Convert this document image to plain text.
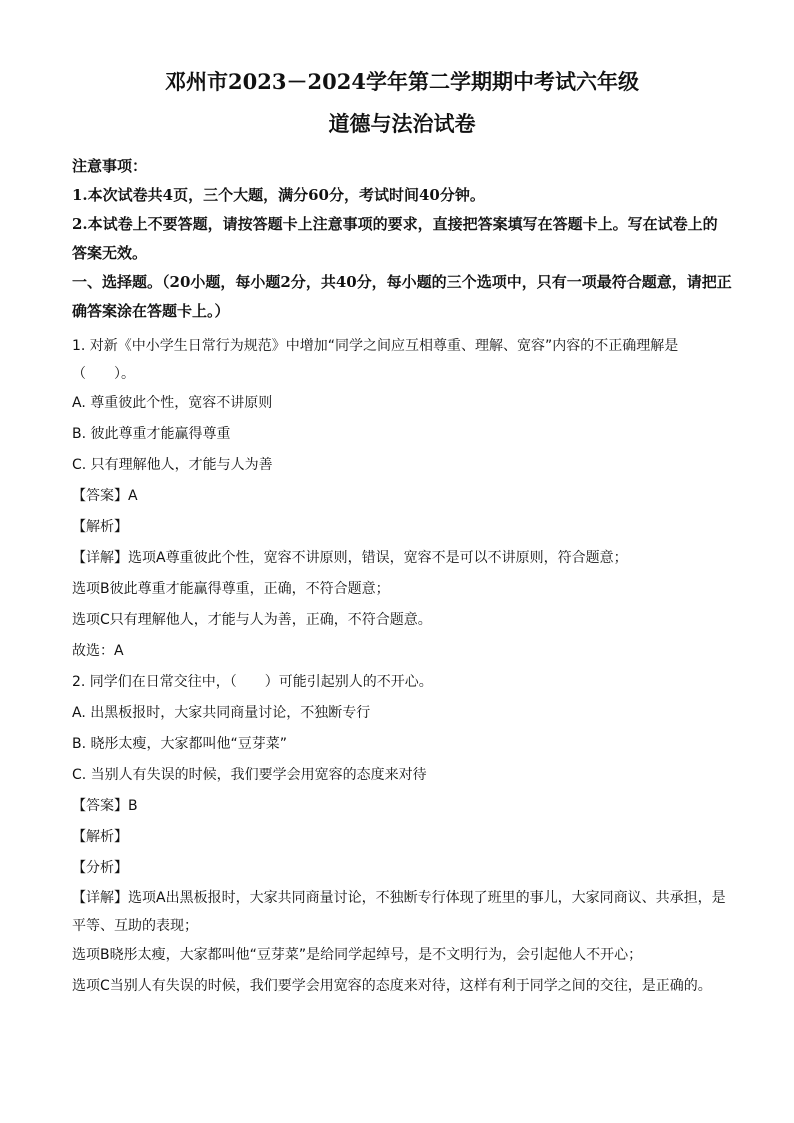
邓州市2023－2024学年第二学期期中考试六年级

道德与法治试卷

注意事项：

1.本次试卷共4页，三个大题，满分60分，考试时间40分钟。

2.本试卷上不要答题，请按答题卡上注意事项的要求，直接把答案填写在答题卡上。写在试卷上的答案无效。

一、选择题。（20小题，每小题2分，共40分，每小题的三个选项中，只有一项最符合题意，请把正确答案涂在答题卡上。）

1. 对新《中小学生日常行为规范》中增加“同学之间应互相尊重、理解、宽容”内容的不正确理解是（　　）。

A. 尊重彼此个性，宽容不讲原则

B. 彼此尊重才能赢得尊重

C. 只有理解他人，才能与人为善

【答案】A

【解析】

【详解】选项A尊重彼此个性，宽容不讲原则，错误，宽容不是可以不讲原则，符合题意；

选项B彼此尊重才能赢得尊重，正确，不符合题意；

选项C只有理解他人，才能与人为善，正确，不符合题意。

故选：A

2. 同学们在日常交往中，（　　）可能引起别人的不开心。

A. 出黑板报时，大家共同商量讨论，不独断专行

B. 晓彤太瘦，大家都叫他“豆芽菜”

C. 当别人有失误的时候，我们要学会用宽容的态度来对待

【答案】B

【解析】

【分析】

【详解】选项A出黑板报时，大家共同商量讨论，不独断专行体现了班里的事儿，大家同商议、共承担，是平等、互助的表现；

选项B晓彤太瘦，大家都叫他“豆芽菜”是给同学起绰号，是不文明行为，会引起他人不开心；

选项C当别人有失误的时候，我们要学会用宽容的态度来对待，这样有利于同学之间的交往，是正确的。
